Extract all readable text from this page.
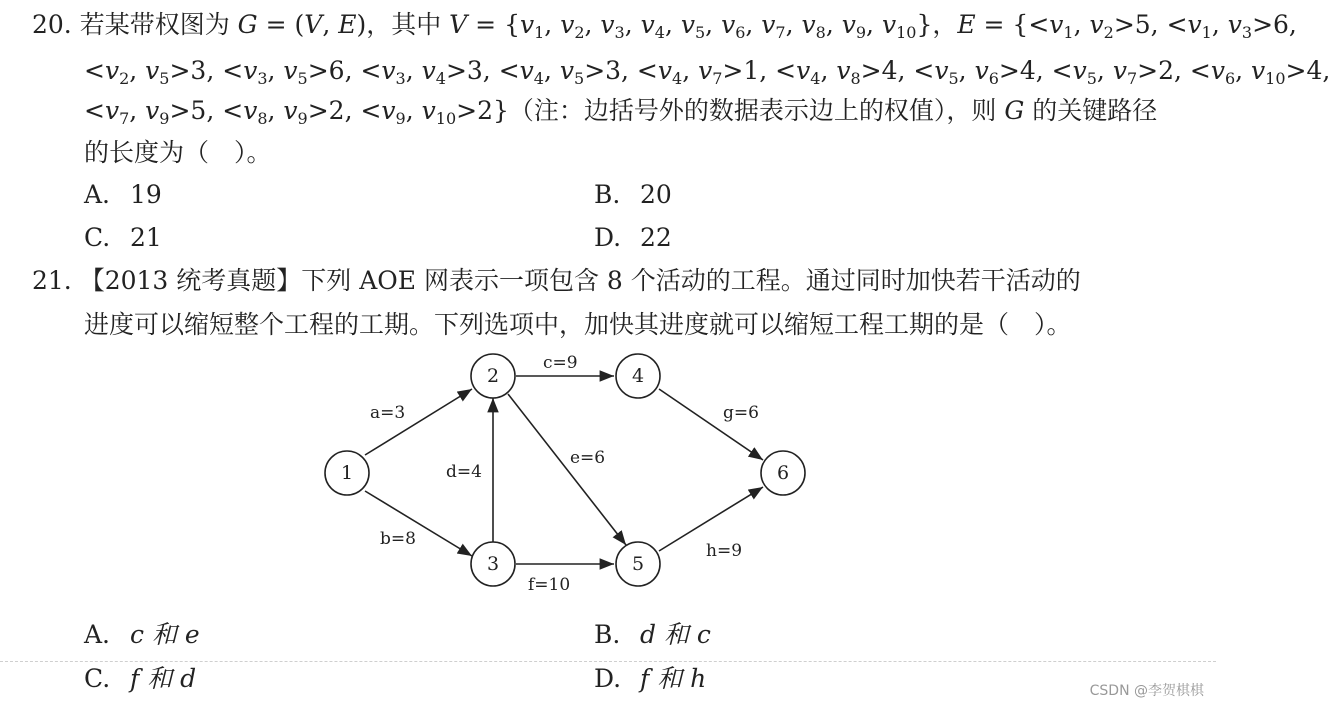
20. 若某带权图为 G = (V, E)，其中 $V = \{v_1$, $v_2$, $v_3$, $v_4$, $v_5$, $v_6$, $v_7$, $v_8$, $v_9$, $v_{10}$}，$E = \{<v_1$, $v_2>5$, $<v_1$, $v_3>6$,
$<v_2$, $v_5>3$, $<v_3$, $v_5>6$, $<v_3$, $v_4>3$, $<v_4$, $v_5>3$, $<v_4$, $v_7>1$, $<v_4$, $v_8>4$, $<v_5$, $v_6>4$, $<v_5$, $v_7>2$, $<v_6$, $v_{10}>4$,
$<v_7$, $v_9>5$, $<v_8$, $v_9>2$, $<v_9$, $v_{10}>2$}（注：边括号外的数据表示边上的权值），则 G 的关键路径
的长度为（　）。
A. 19	B. 20
C. 21	D. 22
21. 【2013 统考真题】下列 AOE 网表示一项包含 8 个活动的工程。通过同时加快若干活动的
进度可以缩短整个工程的工期。下列选项中，加快其进度就可以缩短工程工期的是（　）。
1
2
3
4
5
6
a=3
b=8
c=9
d=4
e=6
f=10
g=6
h=9
A. c 和 e	B. d 和 c
C. f 和 d	D. f 和 h	CSDN @李贺棋棋
